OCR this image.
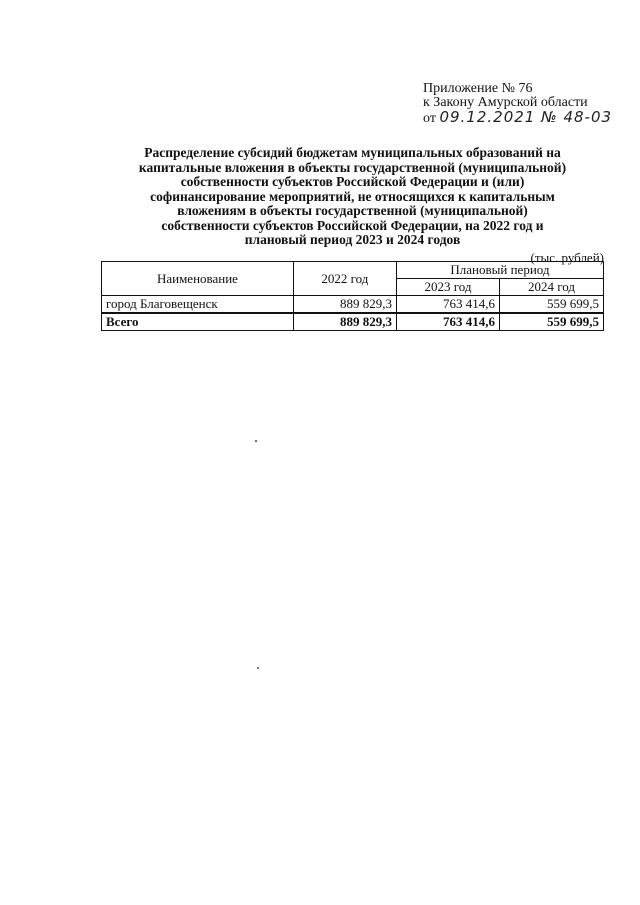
Приложение № 76
к Закону Амурской области
от 09.12.2021 № 48-03
Распределение субсидий бюджетам муниципальных образований на
капитальные вложения в объекты государственной (муниципальной)
собственности субъектов Российской Федерации и (или)
софинансирование мероприятий, не относящихся к капитальным
вложениям в объекты государственной (муниципальной)
собственности субъектов Российской Федерации, на 2022 год и
плановый период 2023 и 2024 годов
(тыс. рублей)
Наименование	2022 год	Плановый период	
		2023 год	2024 год
город Благовещенск	889 829,3	763 414,6	559 699,5
Всего	889 829,3	763 414,6	559 699,5
